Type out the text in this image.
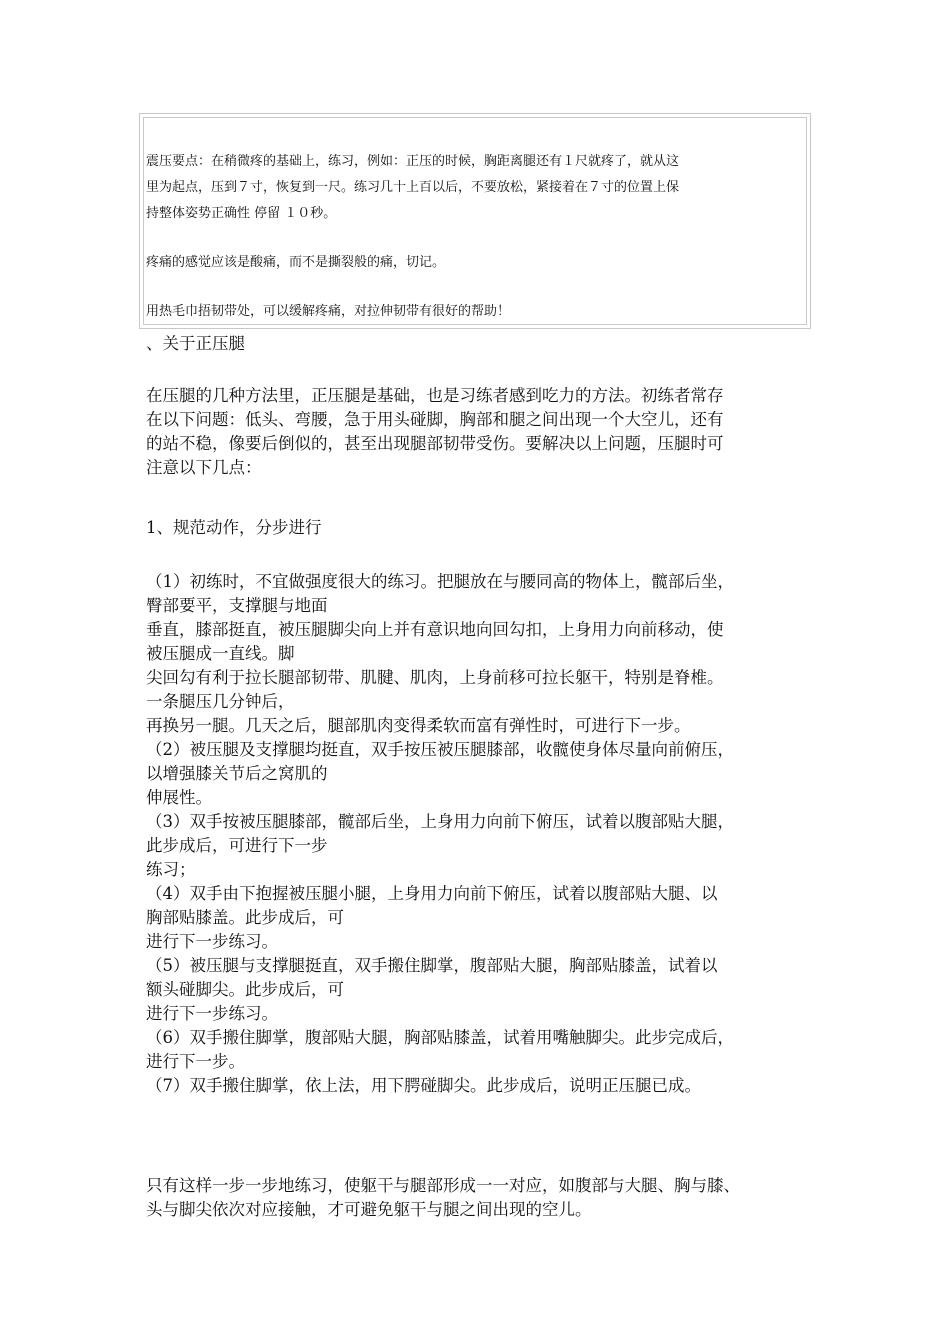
震压要点：在稍微疼的基础上，练习，例如：正压的时候，胸距离腿还有１尺就疼了，就从这
里为起点，压到７寸，恢复到一尺。练习几十上百以后，不要放松，紧接着在７寸的位置上保
持整体姿势正确性 停留 １０秒。

疼痛的感觉应该是酸痛，而不是撕裂般的痛，切记。

用热毛巾捂韧带处，可以缓解疼痛，对拉伸韧带有很好的帮助！

、关于正压腿

在压腿的几种方法里，正压腿是基础，也是习练者感到吃力的方法。初练者常存
在以下问题：低头、弯腰，急于用头碰脚，胸部和腿之间出现一个大空儿，还有
的站不稳，像要后倒似的，甚至出现腿部韧带受伤。要解决以上问题，压腿时可
注意以下几点：

1、规范动作，分步进行

（1）初练时，不宜做强度很大的练习。把腿放在与腰同高的物体上，髋部后坐，
臀部要平，支撑腿与地面
垂直，膝部挺直，被压腿脚尖向上并有意识地向回勾扣，上身用力向前移动，使
被压腿成一直线。脚
尖回勾有利于拉长腿部韧带、肌腱、肌肉，上身前移可拉长躯干，特别是脊椎。
一条腿压几分钟后，
再换另一腿。几天之后，腿部肌肉变得柔软而富有弹性时，可进行下一步。
（2）被压腿及支撑腿均挺直，双手按压被压腿膝部，收髋使身体尽量向前俯压，
以增强膝关节后之窝肌的
伸展性。
（3）双手按被压腿膝部，髋部后坐，上身用力向前下俯压，试着以腹部贴大腿，
此步成后，可进行下一步
练习；
（4）双手由下抱握被压腿小腿，上身用力向前下俯压，试着以腹部贴大腿、以
胸部贴膝盖。此步成后，可
进行下一步练习。
（5）被压腿与支撑腿挺直，双手搬住脚掌，腹部贴大腿，胸部贴膝盖，试着以
额头碰脚尖。此步成后，可
进行下一步练习。
（6）双手搬住脚掌，腹部贴大腿，胸部贴膝盖，试着用嘴触脚尖。此步完成后，
进行下一步。
（7）双手搬住脚掌，依上法，用下腭碰脚尖。此步成后，说明正压腿已成。

只有这样一步一步地练习，使躯干与腿部形成一一对应，如腹部与大腿、胸与膝、
头与脚尖依次对应接触，才可避免躯干与腿之间出现的空儿。
